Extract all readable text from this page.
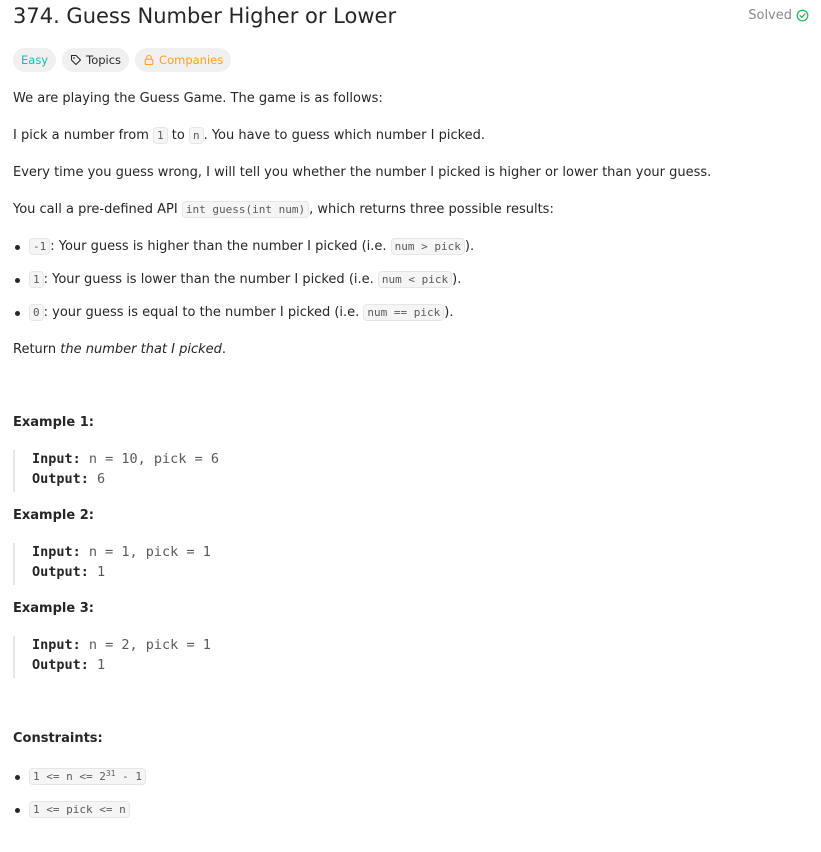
374. Guess Number Higher or Lower	Solved
Easy	Topics	Companies

We are playing the Guess Game. The game is as follows:

I pick a number from 1 to n . You have to guess which number I picked.

Every time you guess wrong, I will tell you whether the number I picked is higher or lower than your guess.

You call a pre-defined API int guess(int num) , which returns three possible results:

-1 : Your guess is higher than the number I picked (i.e. num > pick ).

1 : Your guess is lower than the number I picked (i.e. num < pick ).

0 : your guess is equal to the number I picked (i.e. num == pick ).

Return the number that I picked.

Example 1:

Input: n = 10, pick = 6
Output: 6

Example 2:

Input: n = 1, pick = 1
Output: 1

Example 3:

Input: n = 2, pick = 1
Output: 1

Constraints:

$1 <= n <= 2^{31} - 1$

1 <= pick <= n
